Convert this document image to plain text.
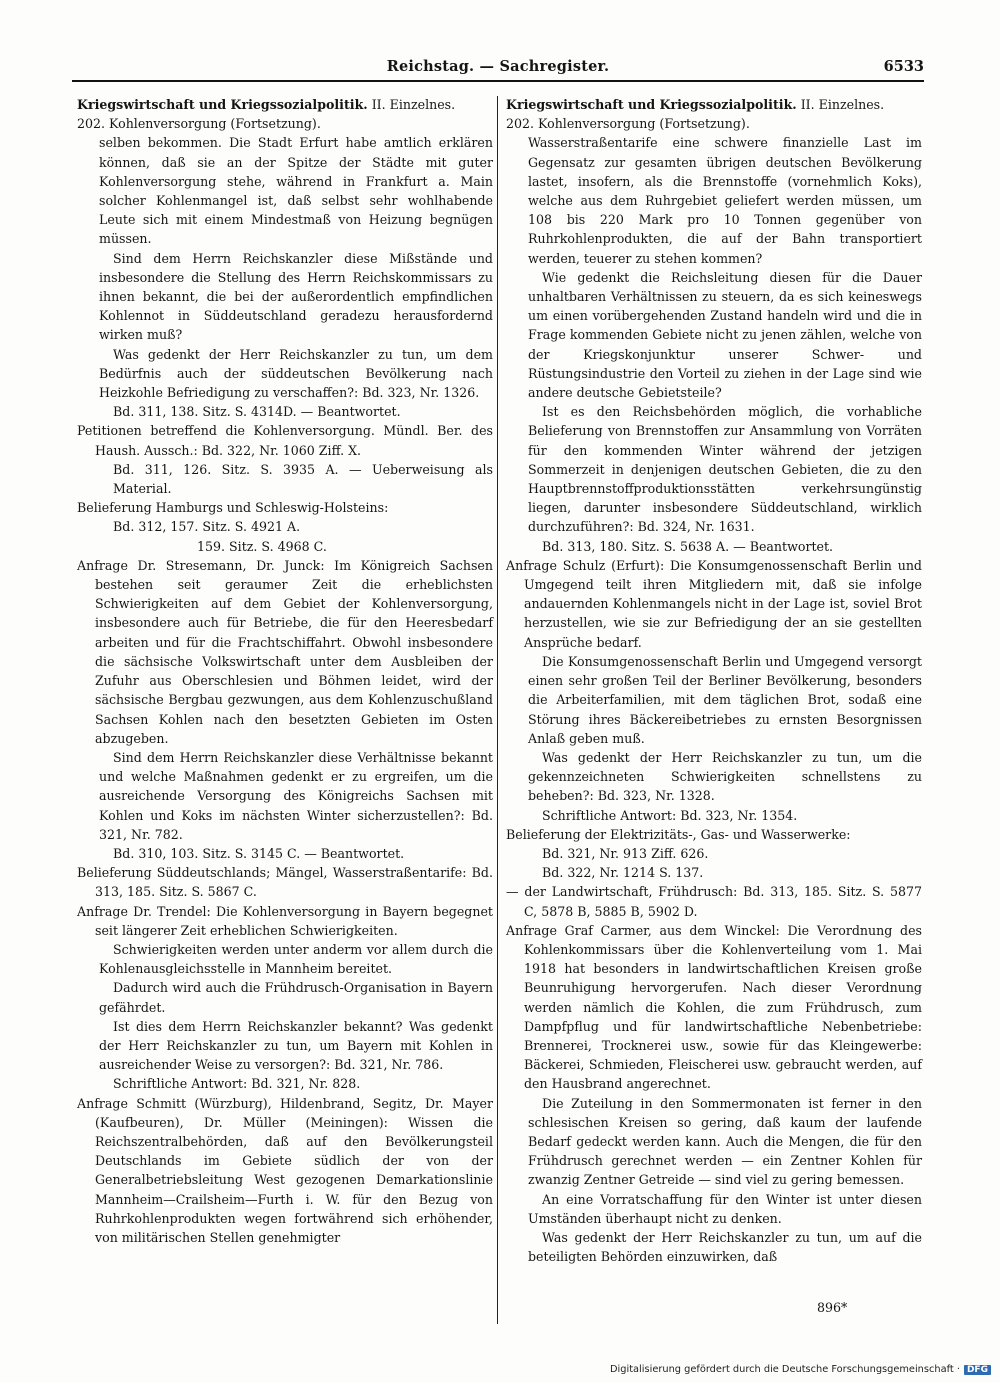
Reichstag. — Sachregister.	6533

Kriegswirtschaft und Kriegssozialpolitik. II. Einzelnes.

202. Kohlenversorgung (Fortsetzung).

selben bekommen. Die Stadt Erfurt habe amtlich erklären können, daß sie an der Spitze der Städte mit guter Kohlenversorgung stehe, während in Frankfurt a. Main solcher Kohlenmangel ist, daß selbst sehr wohlhabende Leute sich mit einem Mindestmaß von Heizung begnügen müssen.

Sind dem Herrn Reichskanzler diese Mißstände und insbesondere die Stellung des Herrn Reichskommissars zu ihnen bekannt, die bei der außerordentlich empfindlichen Kohlennot in Süddeutschland geradezu herausfordernd wirken muß?

Was gedenkt der Herr Reichskanzler zu tun, um dem Bedürfnis auch der süddeutschen Bevölkerung nach Heizkohle Befriedigung zu verschaffen?: Bd. 323, Nr. 1326.

Bd. 311, 138. Sitz. S. 4314D. — Beantwortet.

Petitionen betreffend die Kohlenversorgung. Mündl. Ber. des Haush. Aussch.: Bd. 322, Nr. 1060 Ziff. X.

Bd. 311, 126. Sitz. S. 3935 A. — Ueberweisung als Material.

Belieferung Hamburgs und Schleswig-Holsteins:

Bd. 312, 157. Sitz. S. 4921 A.

159. Sitz. S. 4968 C.

Anfrage Dr. Stresemann, Dr. Junck: Im Königreich Sachsen bestehen seit geraumer Zeit die erheblichsten Schwierigkeiten auf dem Gebiet der Kohlenversorgung, insbesondere auch für Betriebe, die für den Heeresbedarf arbeiten und für die Frachtschiffahrt. Obwohl insbesondere die sächsische Volkswirtschaft unter dem Ausbleiben der Zufuhr aus Oberschlesien und Böhmen leidet, wird der sächsische Bergbau gezwungen, aus dem Kohlenzuschußland Sachsen Kohlen nach den besetzten Gebieten im Osten abzugeben.

Sind dem Herrn Reichskanzler diese Verhältnisse bekannt und welche Maßnahmen gedenkt er zu ergreifen, um die ausreichende Versorgung des Königreichs Sachsen mit Kohlen und Koks im nächsten Winter sicherzustellen?: Bd. 321, Nr. 782.

Bd. 310, 103. Sitz. S. 3145 C. — Beantwortet.

Belieferung Süddeutschlands; Mängel, Wasserstraßentarife: Bd. 313, 185. Sitz. S. 5867 C.

Anfrage Dr. Trendel: Die Kohlenversorgung in Bayern begegnet seit längerer Zeit erheblichen Schwierigkeiten.

Schwierigkeiten werden unter anderm vor allem durch die Kohlenausgleichsstelle in Mannheim bereitet.

Dadurch wird auch die Frühdrusch-Organisation in Bayern gefährdet.

Ist dies dem Herrn Reichskanzler bekannt? Was gedenkt der Herr Reichskanzler zu tun, um Bayern mit Kohlen in ausreichender Weise zu versorgen?: Bd. 321, Nr. 786.

Schriftliche Antwort: Bd. 321, Nr. 828.

Anfrage Schmitt (Würzburg), Hildenbrand, Segitz, Dr. Mayer (Kaufbeuren), Dr. Müller (Meiningen): Wissen die Reichszentralbehörden, daß auf den Bevölkerungsteil Deutschlands im Gebiete südlich der von der Generalbetriebsleitung West gezogenen Demarkationslinie Mannheim—Crailsheim—Furth i. W. für den Bezug von Ruhrkohlenprodukten wegen fortwährend sich erhöhender, von militärischen Stellen genehmigter

Kriegswirtschaft und Kriegssozialpolitik. II. Einzelnes.

202. Kohlenversorgung (Fortsetzung).

Wasserstraßentarife eine schwere finanzielle Last im Gegensatz zur gesamten übrigen deutschen Bevölkerung lastet, insofern, als die Brennstoffe (vornehmlich Koks), welche aus dem Ruhrgebiet geliefert werden müssen, um 108 bis 220 Mark pro 10 Tonnen gegenüber von Ruhrkohlenprodukten, die auf der Bahn transportiert werden, teuerer zu stehen kommen?

Wie gedenkt die Reichsleitung diesen für die Dauer unhaltbaren Verhältnissen zu steuern, da es sich keineswegs um einen vorübergehenden Zustand handeln wird und die in Frage kommenden Gebiete nicht zu jenen zählen, welche von der Kriegskonjunktur unserer Schwer- und Rüstungsindustrie den Vorteil zu ziehen in der Lage sind wie andere deutsche Gebietsteile?

Ist es den Reichsbehörden möglich, die vorhabliche Belieferung von Brennstoffen zur Ansammlung von Vorräten für den kommenden Winter während der jetzigen Sommerzeit in denjenigen deutschen Gebieten, die zu den Hauptbrennstoffproduktionsstätten verkehrsungünstig liegen, darunter insbesondere Süddeutschland, wirklich durchzuführen?: Bd. 324, Nr. 1631.

Bd. 313, 180. Sitz. S. 5638 A. — Beantwortet.

Anfrage Schulz (Erfurt): Die Konsumgenossenschaft Berlin und Umgegend teilt ihren Mitgliedern mit, daß sie infolge andauernden Kohlenmangels nicht in der Lage ist, soviel Brot herzustellen, wie sie zur Befriedigung der an sie gestellten Ansprüche bedarf.

Die Konsumgenossenschaft Berlin und Umgegend versorgt einen sehr großen Teil der Berliner Bevölkerung, besonders die Arbeiterfamilien, mit dem täglichen Brot, sodaß eine Störung ihres Bäckereibetriebes zu ernsten Besorgnissen Anlaß geben muß.

Was gedenkt der Herr Reichskanzler zu tun, um die gekennzeichneten Schwierigkeiten schnellstens zu beheben?: Bd. 323, Nr. 1328.

Schriftliche Antwort: Bd. 323, Nr. 1354.

Belieferung der Elektrizitäts-, Gas- und Wasserwerke:

Bd. 321, Nr. 913 Ziff. 626.

Bd. 322, Nr. 1214 S. 137.

— der Landwirtschaft, Frühdrusch: Bd. 313, 185. Sitz. S. 5877 C, 5878 B, 5885 B, 5902 D.

Anfrage Graf Carmer, aus dem Winckel: Die Verordnung des Kohlenkommissars über die Kohlenverteilung vom 1. Mai 1918 hat besonders in landwirtschaftlichen Kreisen große Beunruhigung hervorgerufen. Nach dieser Verordnung werden nämlich die Kohlen, die zum Frühdrusch, zum Dampfpflug und für landwirtschaftliche Nebenbetriebe: Brennerei, Trocknerei usw., sowie für das Kleingewerbe: Bäckerei, Schmieden, Fleischerei usw. gebraucht werden, auf den Hausbrand angerechnet.

Die Zuteilung in den Sommermonaten ist ferner in den schlesischen Kreisen so gering, daß kaum der laufende Bedarf gedeckt werden kann. Auch die Mengen, die für den Frühdrusch gerechnet werden — ein Zentner Kohlen für zwanzig Zentner Getreide — sind viel zu gering bemessen.

An eine Vorratschaffung für den Winter ist unter diesen Umständen überhaupt nicht zu denken.

Was gedenkt der Herr Reichskanzler zu tun, um auf die beteiligten Behörden einzuwirken, daß

896*
Digitalisierung gefördert durch die Deutsche Forschungsgemeinschaft · DFG
